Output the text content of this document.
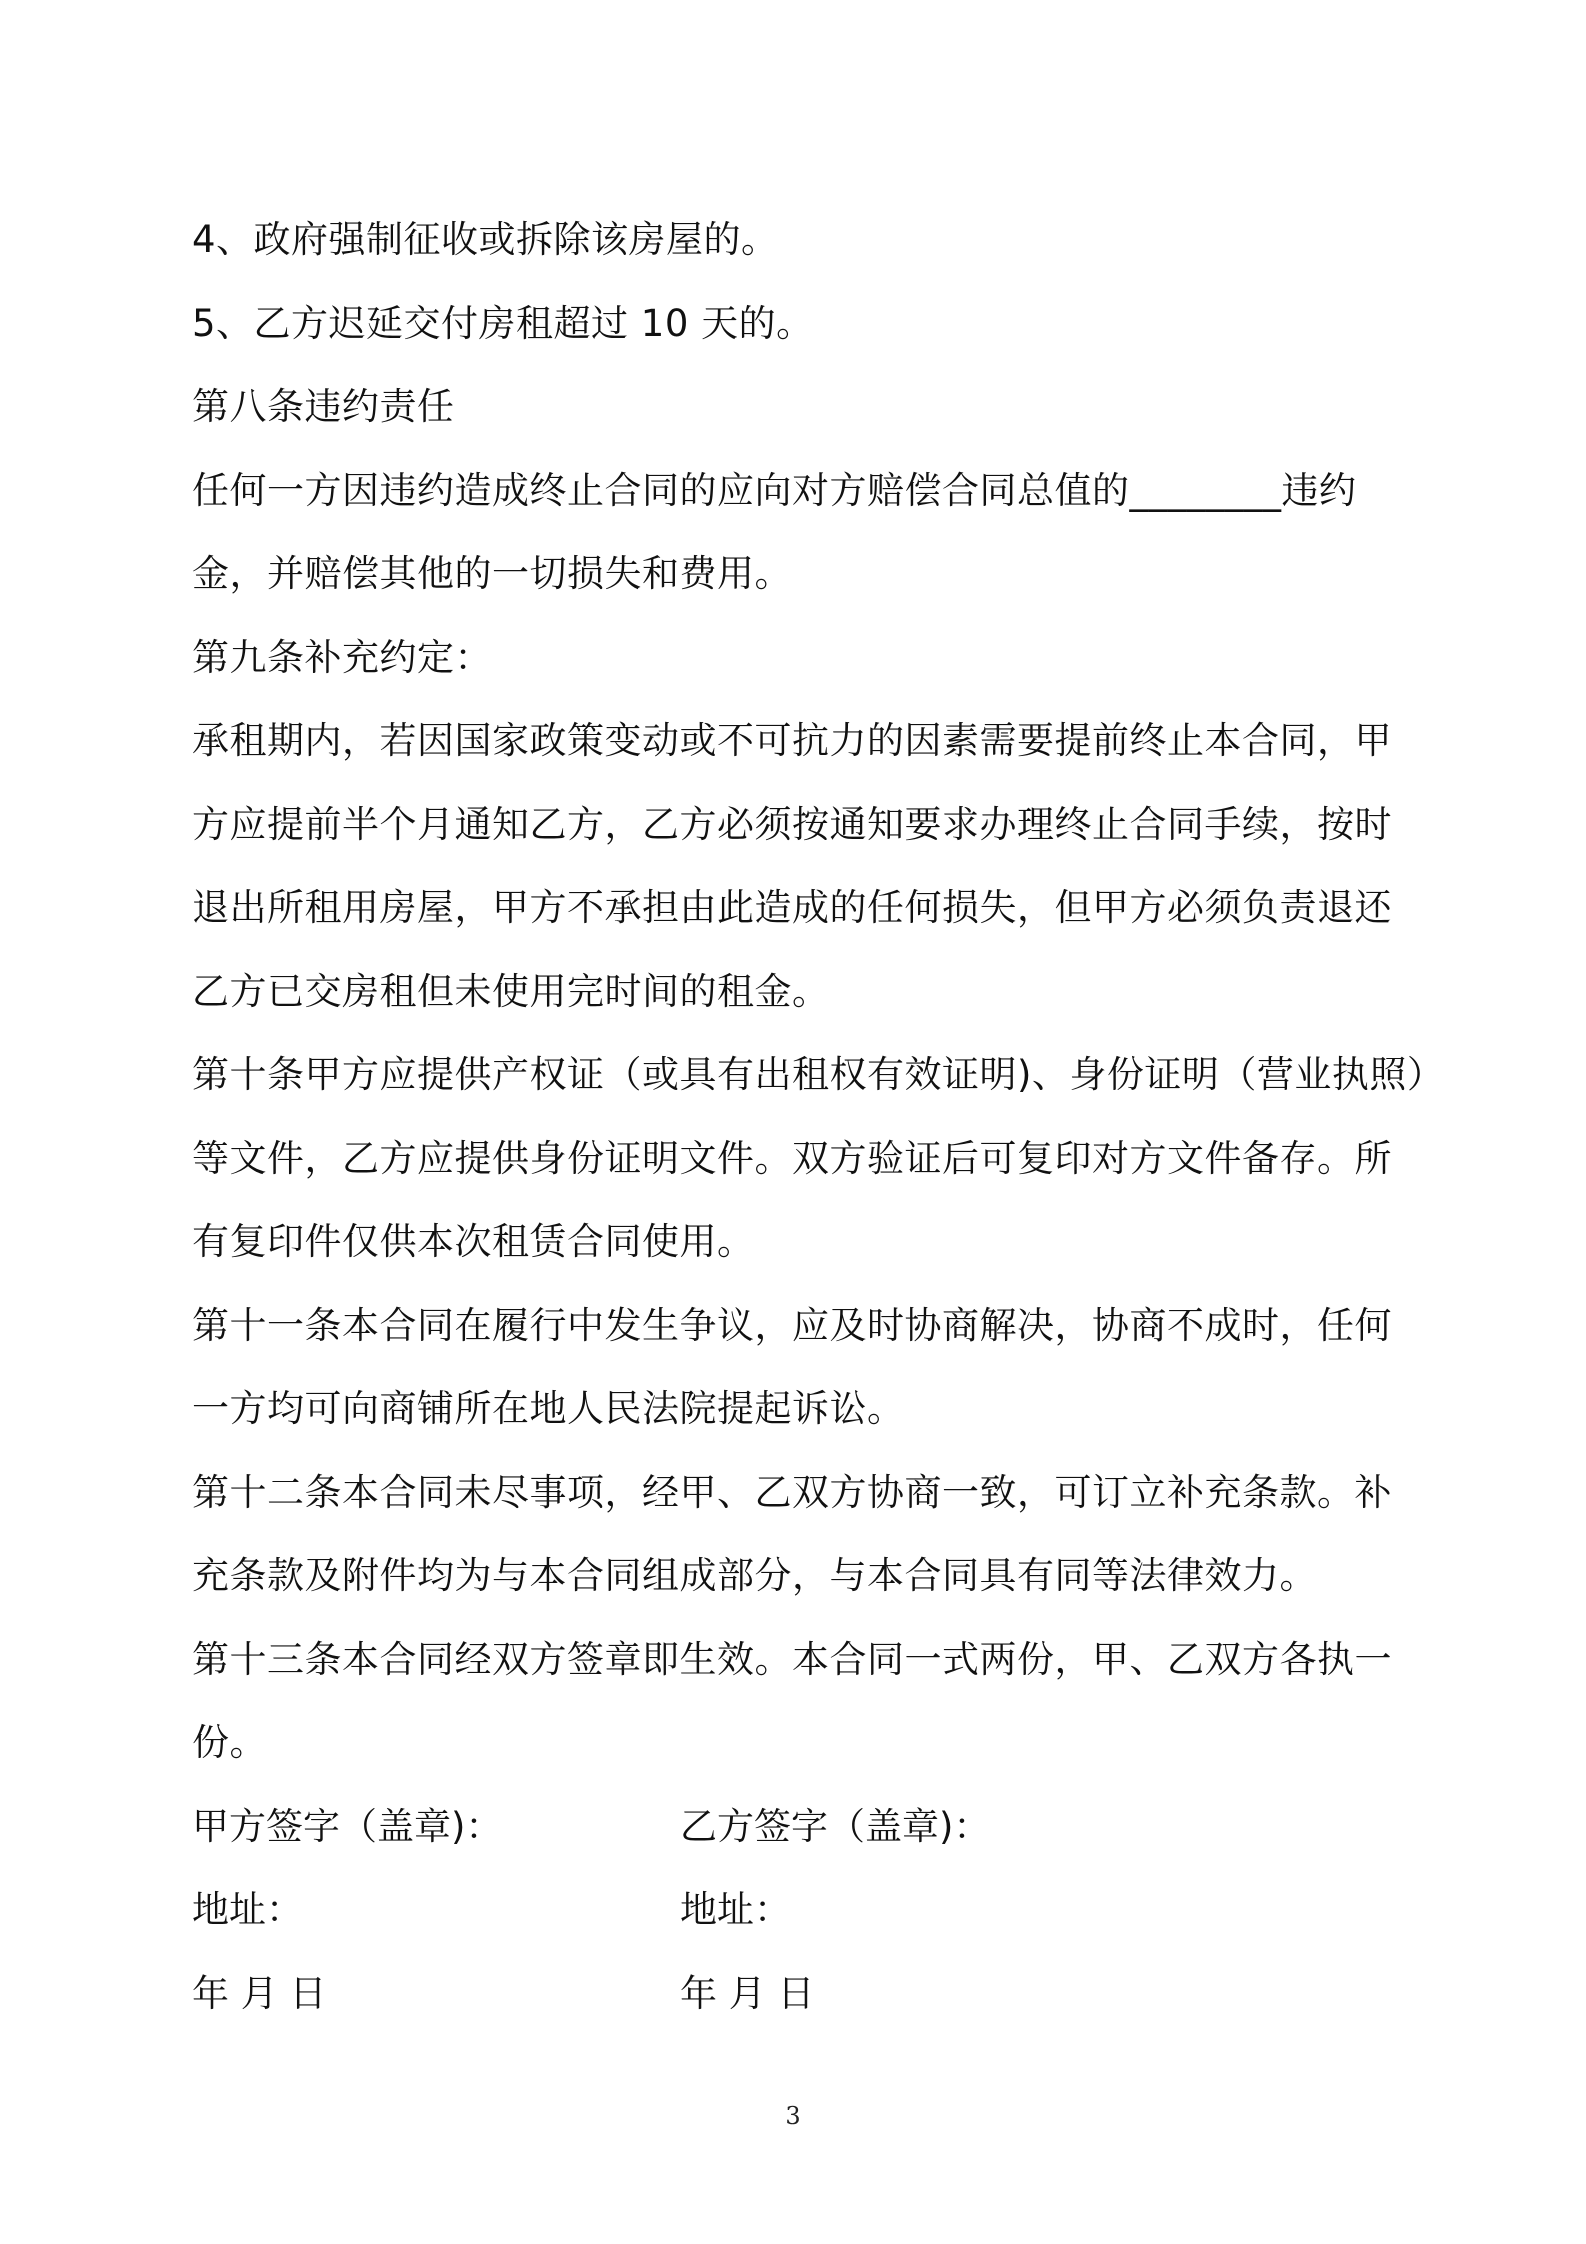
4、政府强制征收或拆除该房屋的。
5、乙方迟延交付房租超过 10 天的。
第八条违约责任
任何一方因违约造成终止合同的应向对方赔偿合同总值的________违约
金，并赔偿其他的一切损失和费用。
第九条补充约定：
承租期内，若因国家政策变动或不可抗力的因素需要提前终止本合同，甲
方应提前半个月通知乙方，乙方必须按通知要求办理终止合同手续，按时
退出所租用房屋，甲方不承担由此造成的任何损失，但甲方必须负责退还
乙方已交房租但未使用完时间的租金。
第十条甲方应提供产权证（或具有出租权有效证明)、身份证明（营业执照）
等文件，乙方应提供身份证明文件。双方验证后可复印对方文件备存。所
有复印件仅供本次租赁合同使用。
第十一条本合同在履行中发生争议，应及时协商解决，协商不成时，任何
一方均可向商铺所在地人民法院提起诉讼。
第十二条本合同未尽事项，经甲、乙双方协商一致，可订立补充条款。补
充条款及附件均为与本合同组成部分，与本合同具有同等法律效力。
第十三条本合同经双方签章即生效。本合同一式两份，甲、乙双方各执一
份。
甲方签字（盖章)：	乙方签字（盖章)：
地址：	地址：
年 月 日	年 月 日
3
